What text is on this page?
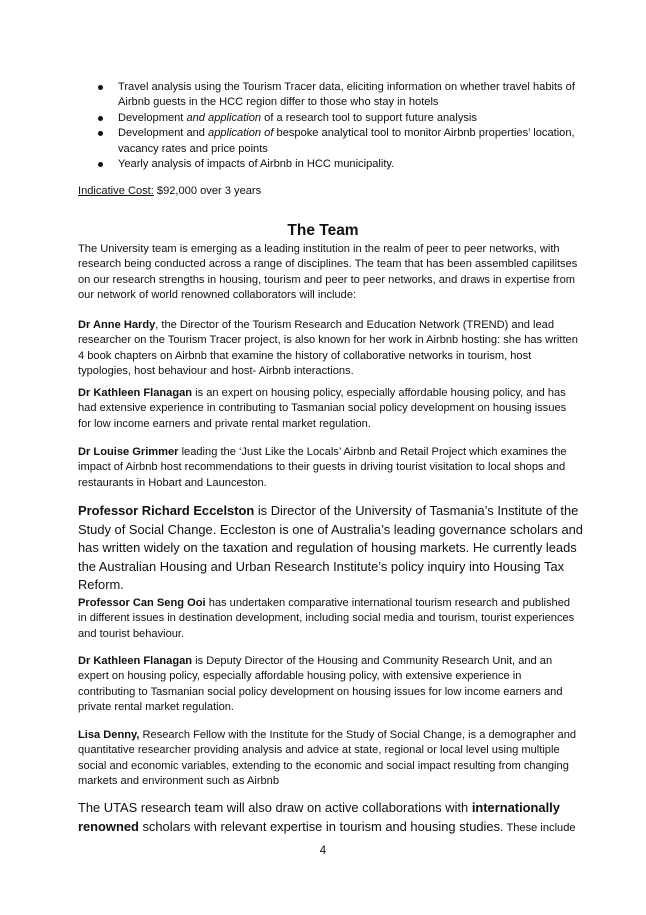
Travel analysis using the Tourism Tracer data, eliciting information on whether travel habits of Airbnb guests in the HCC region differ to those who stay in hotels
Development and application of a research tool to support future analysis
Development and application of bespoke analytical tool to monitor Airbnb properties’ location, vacancy rates and price points
Yearly analysis of impacts of Airbnb in HCC municipality.

Indicative Cost: $92,000 over 3 years

The Team

The University team is emerging as a leading institution in the realm of peer to peer networks, with research being conducted across a range of disciplines. The team that has been assembled capilitses on our research strengths in housing, tourism and peer to peer networks, and draws in expertise from our network of world renowned collaborators will include:

Dr Anne Hardy, the Director of the Tourism Research and Education Network (TREND) and lead researcher on the Tourism Tracer project, is also known for her work in Airbnb hosting: she has written 4 book chapters on Airbnb that examine the history of collaborative networks in tourism, host typologies, host behaviour and host- Airbnb interactions.

Dr Kathleen Flanagan is an expert on housing policy, especially affordable housing policy, and has had extensive experience in contributing to Tasmanian social policy development on housing issues for low income earners and private rental market regulation.

Dr Louise Grimmer leading the ‘Just Like the Locals’ Airbnb and Retail Project which examines the impact of Airbnb host recommendations to their guests in driving tourist visitation to local shops and restaurants in Hobart and Launceston.

Professor Richard Eccelston is Director of the University of Tasmania’s Institute of the Study of Social Change. Eccleston is one of Australia’s leading governance scholars and has written widely on the taxation and regulation of housing markets. He currently leads the Australian Housing and Urban Research Institute’s policy inquiry into Housing Tax Reform.

Professor Can Seng Ooi has undertaken comparative international tourism research and published in different issues in destination development, including social media and tourism, tourist experiences and tourist behaviour.

Dr Kathleen Flanagan is Deputy Director of the Housing and Community Research Unit, and an expert on housing policy, especially affordable housing policy, with extensive experience in contributing to Tasmanian social policy development on housing issues for low income earners and private rental market regulation.

Lisa Denny, Research Fellow with the Institute for the Study of Social Change, is a demographer and quantitative researcher providing analysis and advice at state, regional or local level using multiple social and economic variables, extending to the economic and social impact resulting from changing markets and environment such as Airbnb

The UTAS research team will also draw on active collaborations with internationally renowned scholars with relevant expertise in tourism and housing studies. These include

4
